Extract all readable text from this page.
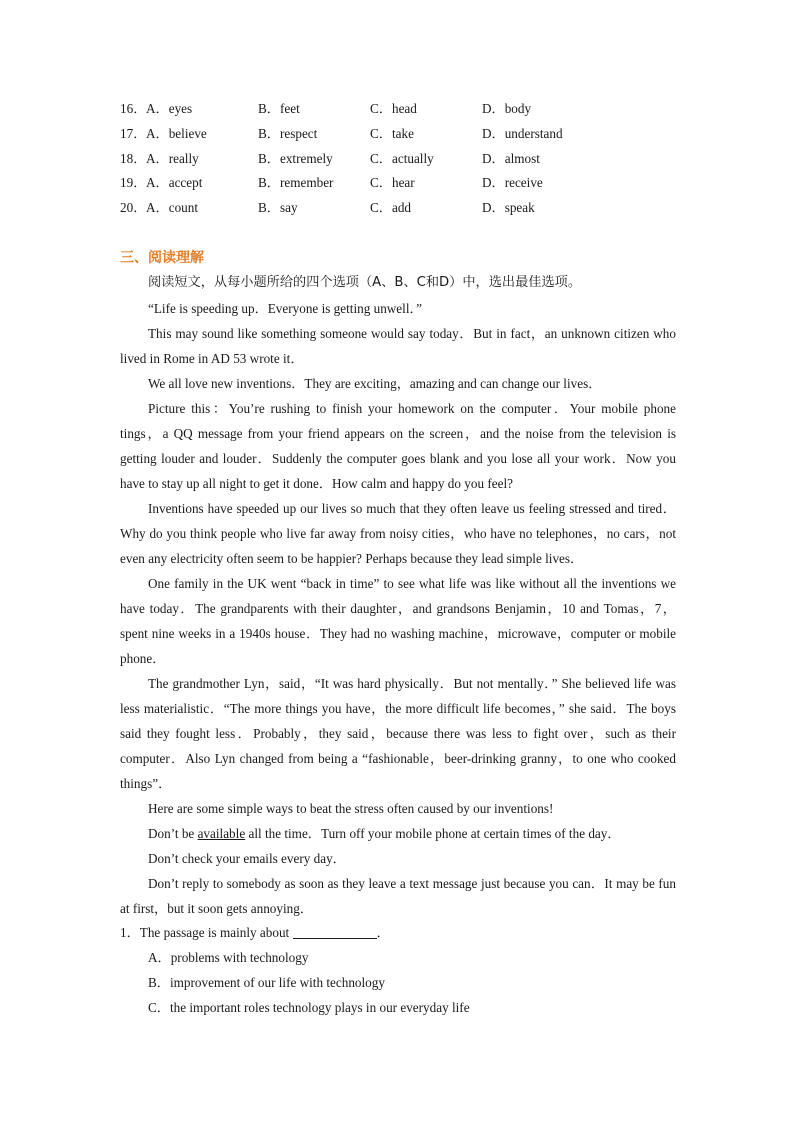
16． A．eyes	B．feet	C．head	D．body
17． A．believe	B．respect	C．take	D．understand
18． A．really	B．extremely	C．actually	D．almost
19． A．accept	B．remember	C．hear	D．receive
20． A．count	B．say	C．add	D．speak
三、阅读理解
阅读短文，从每小题所给的四个选项（A、B、C和D）中，选出最佳选项。

“Life is speeding up．Everyone is getting unwell．”

This may sound like something someone would say today．But in fact，an unknown citizen who lived in Rome in AD 53 wrote it．

We all love new inventions．They are exciting，amazing and can change our lives．

Picture this：You’re rushing to finish your homework on the computer．Your mobile phone tings，a QQ message from your friend appears on the screen，and the noise from the television is getting louder and louder．Suddenly the computer goes blank and you lose all your work．Now you have to stay up all night to get it done．How calm and happy do you feel?

Inventions have speeded up our lives so much that they often leave us feeling stressed and tired．Why do you think people who live far away from noisy cities，who have no telephones，no cars，not even any electricity often seem to be happier? Perhaps because they lead simple lives．

One family in the UK went “back in time” to see what life was like without all the inventions we have today．The grandparents with their daughter，and grandsons Benjamin，10 and Tomas，7，spent nine weeks in a 1940s house．They had no washing machine，microwave，computer or mobile phone．

The grandmother Lyn，said，“It was hard physically．But not mentally．” She believed life was less materialistic．“The more things you have，the more difficult life becomes，” she said．The boys said they fought less．Probably，they said，because there was less to fight over，such as their computer．Also Lyn changed from being a “fashionable，beer-drinking granny，to one who cooked things”．

Here are some simple ways to beat the stress often caused by our inventions!

Don’t be available all the time．Turn off your mobile phone at certain times of the day．

Don’t check your emails every day．

Don’t reply to somebody as soon as they leave a text message just because you can．It may be fun at first，but it soon gets annoying．

1．The passage is mainly about	．

A．problems with technology

B．improvement of our life with technology

C．the important roles technology plays in our everyday life
